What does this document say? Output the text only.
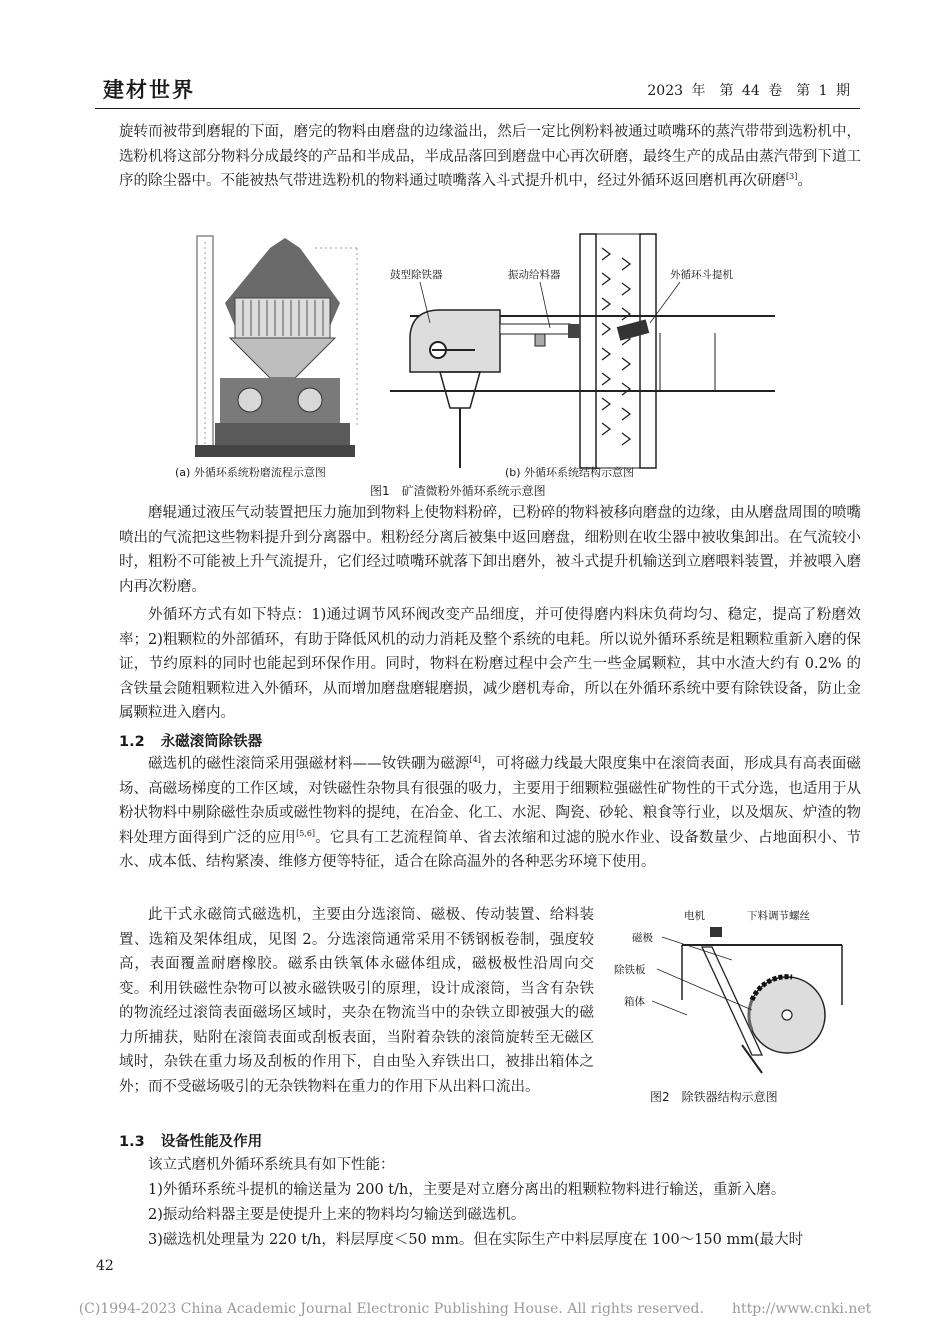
建材世界	2023 年　第 44 卷　第 1 期

旋转而被带到磨辊的下面，磨完的物料由磨盘的边缘溢出，然后一定比例粉料被通过喷嘴环的蒸汽带带到选粉机中，选粉机将这部分物料分成最终的产品和半成品，半成品落回到磨盘中心再次研磨，最终生产的成品由蒸汽带到下道工序的除尘器中。不能被热气带进选粉机的物料通过喷嘴落入斗式提升机中，经过外循环返回磨机再次研磨[3]。

(a) 外循环系统粉磨流程示意图
鼓型除铁器	振动给料器	外循环斗提机
(b) 外循环系统结构示意图
图1　矿渣微粉外循环系统示意图

磨辊通过液压气动装置把压力施加到物料上使物料粉碎，已粉碎的物料被移向磨盘的边缘，由从磨盘周围的喷嘴喷出的气流把这些物料提升到分离器中。粗粉经分离后被集中返回磨盘，细粉则在收尘器中被收集卸出。在气流较小时，粗粉不可能被上升气流提升，它们经过喷嘴环就落下卸出磨外，被斗式提升机输送到立磨喂料装置，并被喂入磨内再次粉磨。

外循环方式有如下特点：1)通过调节风环阀改变产品细度，并可使得磨内料床负荷均匀、稳定，提高了粉磨效率；2)粗颗粒的外部循环，有助于降低风机的动力消耗及整个系统的电耗。所以说外循环系统是粗颗粒重新入磨的保证，节约原料的同时也能起到环保作用。同时，物料在粉磨过程中会产生一些金属颗粒，其中水渣大约有 0.2% 的含铁量会随粗颗粒进入外循环，从而增加磨盘磨辊磨损，减少磨机寿命，所以在外循环系统中要有除铁设备，防止金属颗粒进入磨内。

1.2 永磁滚筒除铁器

磁选机的磁性滚筒采用强磁材料——钕铁硼为磁源[4]，可将磁力线最大限度集中在滚筒表面，形成具有高表面磁场、高磁场梯度的工作区域，对铁磁性杂物具有很强的吸力，主要用于细颗粒强磁性矿物性的干式分选，也适用于从粉状物料中剔除磁性杂质或磁性物料的提纯，在冶金、化工、水泥、陶瓷、砂轮、粮食等行业，以及烟灰、炉渣的物料处理方面得到广泛的应用[5,6]。它具有工艺流程简单、省去浓缩和过滤的脱水作业、设备数量少、占地面积小、节水、成本低、结构紧凑、维修方便等特征，适合在除高温外的各种恶劣环境下使用。

此干式永磁筒式磁选机，主要由分选滚筒、磁极、传动装置、给料装置、选箱及架体组成，见图 2。分选滚筒通常采用不锈钢板卷制，强度较高，表面覆盖耐磨橡胶。磁系由铁氧体永磁体组成，磁极极性沿周向交变。利用铁磁性杂物可以被永磁铁吸引的原理，设计成滚筒，当含有杂铁的物流经过滚筒表面磁场区域时，夹杂在物流当中的杂铁立即被强大的磁力所捕获，贴附在滚筒表面或刮板表面，当附着杂铁的滚筒旋转至无磁区域时，杂铁在重力场及刮板的作用下，自由坠入弃铁出口，被排出箱体之外；而不受磁场吸引的无杂铁物料在重力的作用下从出料口流出。

电机	下料调节螺丝
磁极
除铁板
箱体
图2　除铁器结构示意图
1.3 设备性能及作用

该立式磨机外循环系统具有如下性能：

1)外循环系统斗提机的输送量为 200 t/h，主要是对立磨分离出的粗颗粒物料进行输送，重新入磨。

2)振动给料器主要是使提升上来的物料均匀输送到磁选机。

3)磁选机处理量为 220 t/h，料层厚度＜50 mm。但在实际生产中料层厚度在 100～150 mm(最大时

42
(C)1994-2023 China Academic Journal Electronic Publishing House. All rights reserved.　　http://www.cnki.net
